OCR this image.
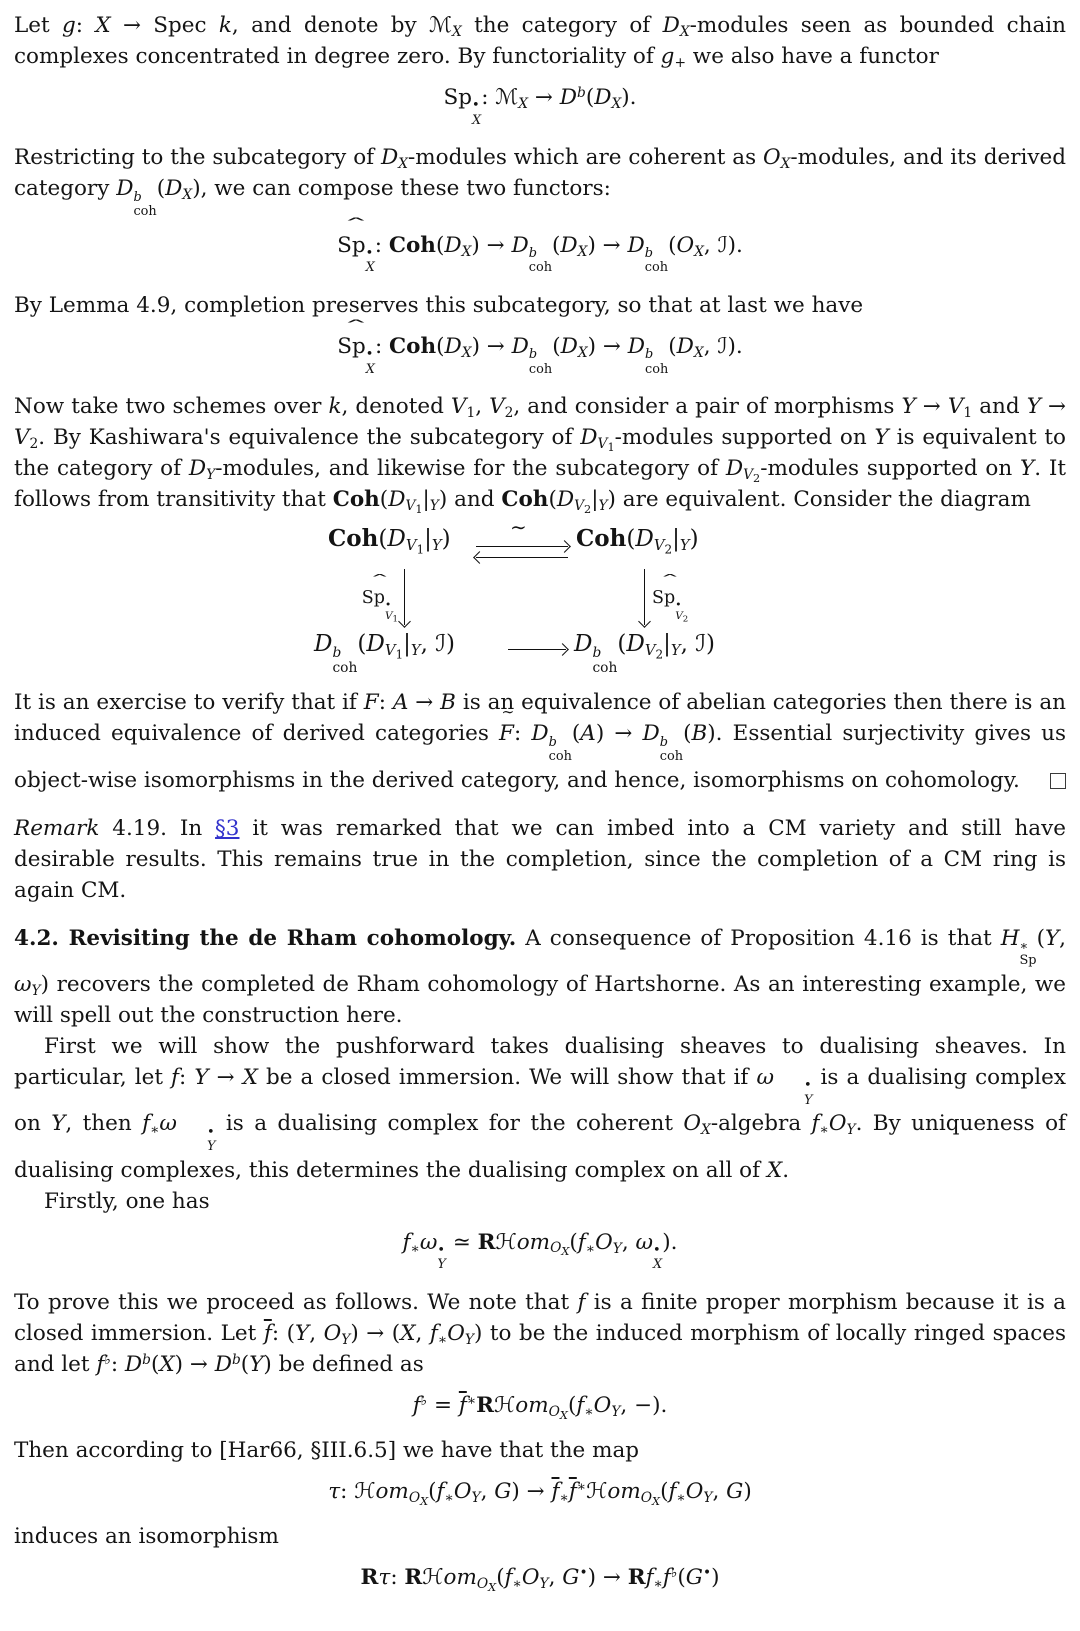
Let g: X → Spec k, and denote by ℳ$_X$ the category of $D_X$-modules seen as bounded chain complexes concentrated in degree zero. By functoriality of $g_+$ we also have a functor

Sp •
X
: ℳ$_X$ → $D^b(D_X)$.

Restricting to the subcategory of $D_X$-modules which are coherent as $O_X$-modules, and its derived category D b
coh
$(D_X)$, we can compose these two functors:

ˆ Sp •
X
: $Coh(D_X) \to D$ b
coh
$(D_X) \to D$ b
coh
($O_X$, ℐ).

By Lemma 4.9, completion preserves this subcategory, so that at last we have

ˆ Sp •
X
: $Coh(D_X) \to D$ b
coh
$(D_X) \to D$ b
coh
($D_X$, ℐ).

Now take two schemes over k, denoted $V_1$, $V_2$, and consider a pair of morphisms $Y \to V_1$ and $Y \to V_2$. By Kashiwara's equivalence the subcategory of $D_{V_1}$-modules supported on Y is equivalent to the category of $D_Y$-modules, and likewise for the subcategory of $D_{V_2}$-modules supported on Y. It follows from transitivity that $Coh(D_{V_1}|_Y)$ and $Coh(D_{V_2}|_Y)$ are equivalent. Consider the diagram

$Coh(D_{V_1}|_Y)$	∼ $Coh(D_{V_2}|_Y)$
ˆ Sp •
$V_1$
ˆ Sp •
$V_2$
D b
coh
($D_{V_1}|_Y$, ℐ)	D b
coh
($D_{V_2}|_Y$, ℐ)

It is an exercise to verify that if F: A → B is an equivalence of abelian categories then there is an induced equivalence of derived categories ∼ F: D b
coh
(A) → D b
coh
(B). Essential surjectivity gives us object-wise isomorphisms in the derived category, and hence, isomorphisms on cohomology.

Remark 4.19. In §3 it was remarked that we can imbed into a CM variety and still have desirable results. This remains true in the completion, since the completion of a CM ring is again CM.

4.2. Revisiting the de Rham cohomology. A consequence of Proposition 4.16 is that H ∗
Sp
(Y, $\omega_Y$) recovers the completed de Rham cohomology of Hartshorne. As an interesting example, we will spell out the construction here.

First we will show the pushforward takes dualising sheaves to dualising sheaves. In particular, let f: Y → X be a closed immersion. We will show that if ω	•
Y
is a dualising complex on Y, then $f_∗\omega$	•
Y
is a dualising complex for the coherent $O_X$-algebra $f_∗O_Y$. By uniqueness of dualising complexes, this determines the dualising complex on all of X.

Firstly, one has

$f_∗\omega$ •
Y
≃ $Rℋom_{O_X}(f_∗O_Y$, ω •
X
).

To prove this we proceed as follows. We note that f is a finite proper morphism because it is a closed immersion. Let $\overline{f}$: (Y, $O_Y) \to (X$, $f_∗O_Y$) to be the induced morphism of locally ringed spaces and let f♭: $D^b(X) \to D^b(Y)$ be defined as

$f^♭ = \overline{f}^∗Rℋom_{O_X}(f_∗O_Y$, −).

Then according to [Har66, §III.6.5] we have that the map

τ: $ℋom_{O_X}(f_∗O_Y$, $G) \to \overline{f}_∗\overline{f}^∗ℋom_{O_X}(f_∗O_Y$, G)

induces an isomorphism

Rτ: $Rℋom_{O_X}(f_∗O_Y$, $G^•) \to Rf_∗f^♭(G^•)$
